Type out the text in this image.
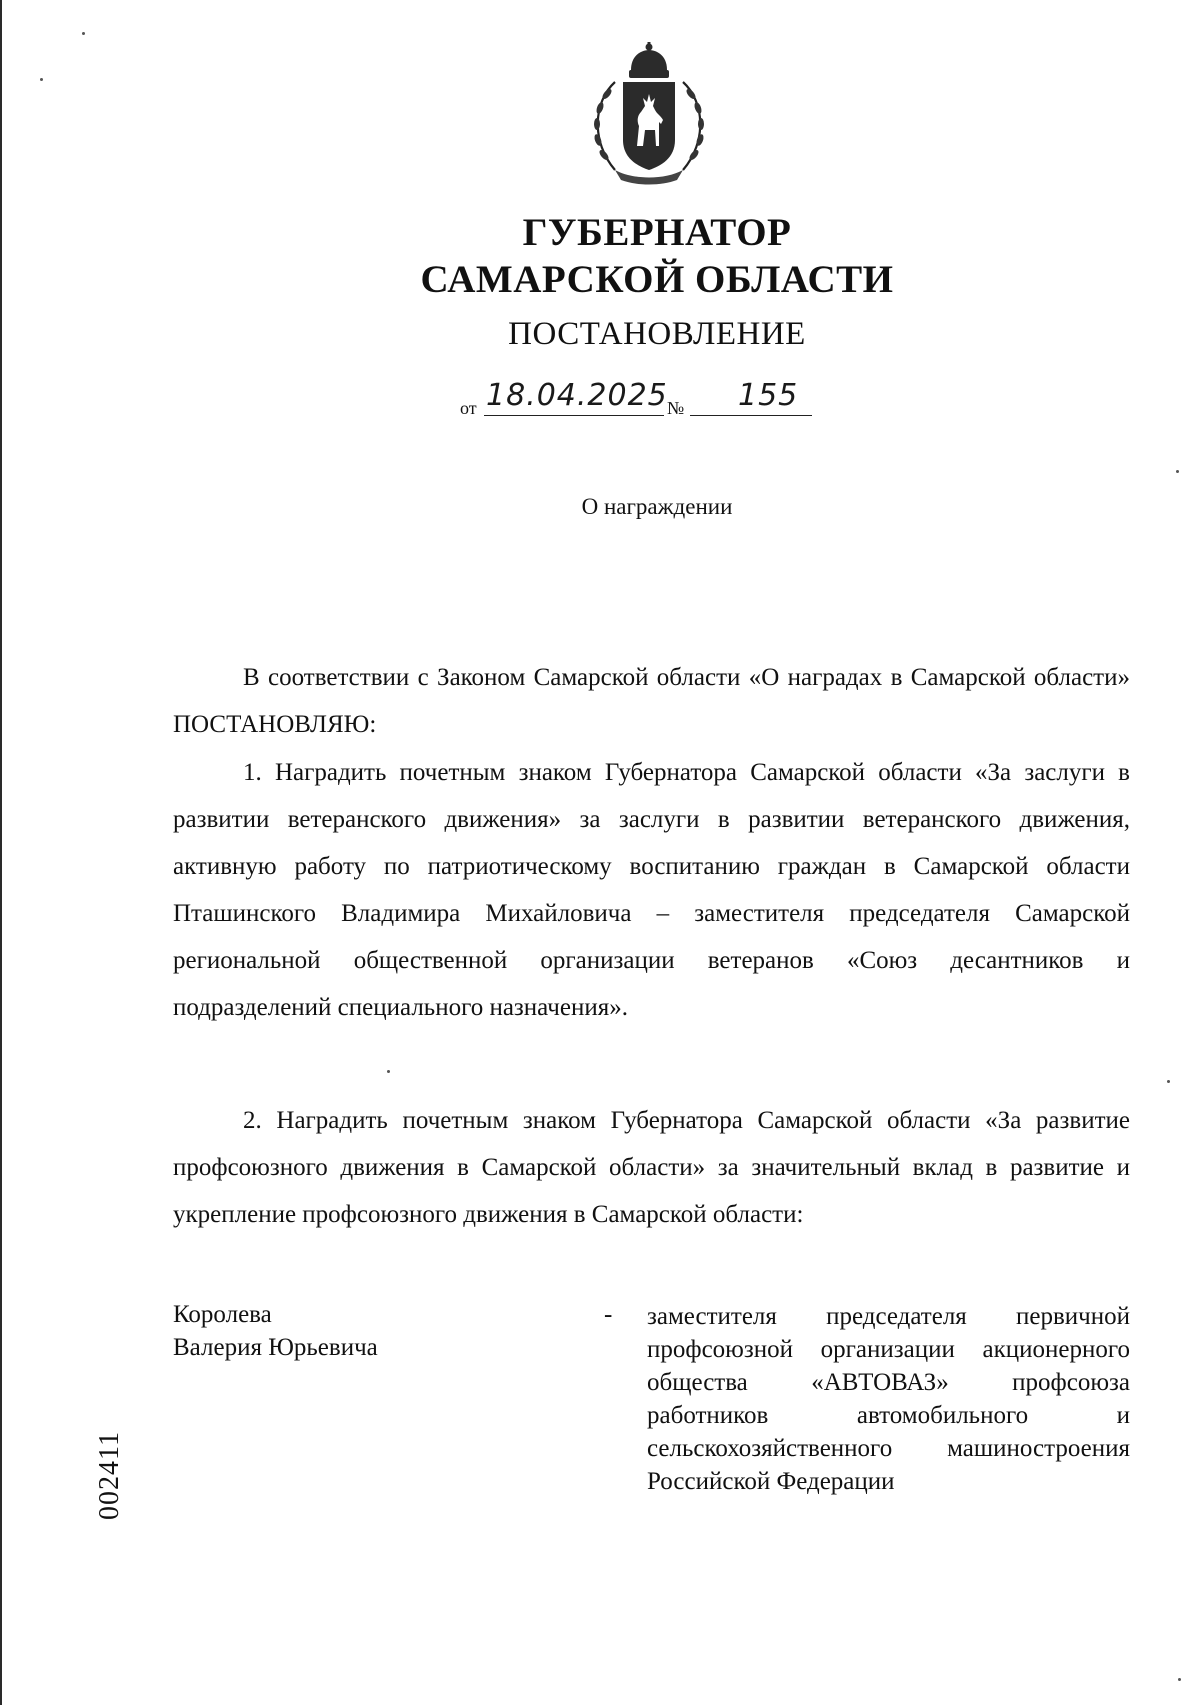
ГУБЕРНАТОР
САМАРСКОЙ ОБЛАСТИ
ПОСТАНОВЛЕНИЕ
от 18.04.2025 № 155
О награждении
В соответствии с Законом Самарской области «О наградах в Самарской области» ПОСТАНОВЛЯЮ:
1. Наградить почетным знаком Губернатора Самарской области «За заслуги в развитии ветеранского движения» за заслуги в развитии ветеранского движения, активную работу по патриотическому воспитанию граждан в Самарской области Пташинского Владимира Михайловича – заместителя председателя Самарской региональной общественной организации ветеранов «Союз десантников и подразделений специального назначения».
2. Наградить почетным знаком Губернатора Самарской области «За развитие профсоюзного движения в Самарской области» за значительный вклад в развитие и укрепление профсоюзного движения в Самарской области:
Королева
Валерия Юрьевича
- заместителя председателя первичной профсоюзной организации акционерного общества «АВТОВАЗ» профсоюза работников автомобильного и сельскохозяйственного машиностроения Российской Федерации
002411
